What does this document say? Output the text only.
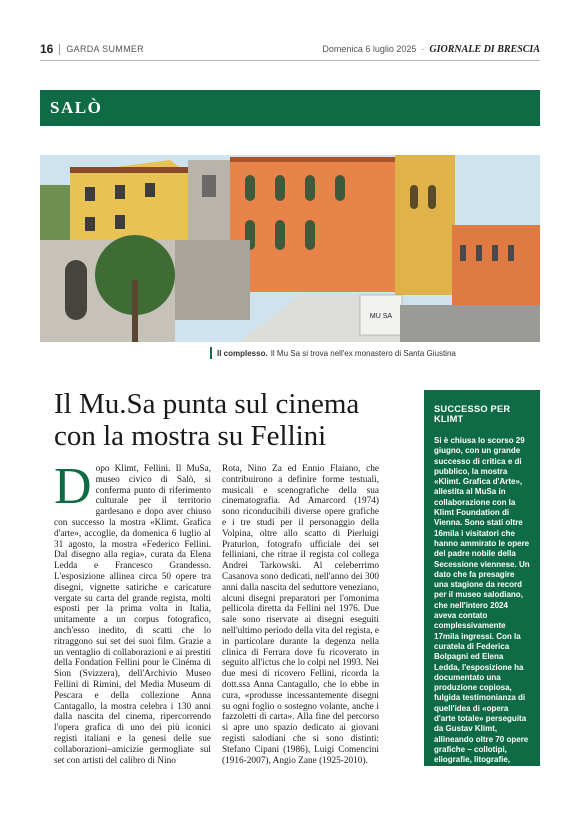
16 GARDA SUMMER	Domenica 6 luglio 2025 · GIORNALE DI BRESCIA
SALÒ
MU SA
Il complesso. Il Mu Sa si trova nell'ex monastero di Santa Giustina
Il Mu.Sa punta sul cinema
con la mostra su Fellini
Dopo Klimt, Fellini. Il MuSa, museo civico di Salò, si conferma punto di riferimento culturale per il territorio gardesano e dopo aver chiuso con successo la mostra «Klimt. Grafica d'arte», accoglie, da domenica 6 luglio al 31 agosto, la mostra «Federico Fellini. Dal disegno alla regia», curata da Elena Ledda e Francesco Grandesso. L'esposizione allinea circa 50 opere tra disegni, vignette satiriche e caricature vergate su carta del grande regista, molti esposti per la prima volta in Italia, unitamente a un corpus fotografico, anch'esso inedito, di scatti che lo ritraggono sui set dei suoi film. Grazie a un ventaglio di collaborazioni e ai prestiti della Fondation Fellini pour le Cinéma di Sion (Svizzera), dell'Archivio Museo Fellini di Rimini, del Media Museum di Pescara e della collezione Anna Cantagallo, la mostra celebra i 130 anni dalla nascita del cinema, ripercorrendo l'opera grafica di uno dei più iconici registi italiani e la genesi delle sue collaborazioni–amicizie germogliate sul set con artisti del calibro di Nino
Rota, Nino Za ed Ennio Flaiano, che contribuirono a definire forme testuali, musicali e scenografiche della sua cinematografia. Ad Amarcord (1974) sono riconducibili diverse opere grafiche e i tre studi per il personaggio della Volpina, oltre allo scatto di Pierluigi Praturlon, fotografo ufficiale dei set felliniani, che ritrae il regista col collega Andrei Tarkowski. Al celeberrimo Casanova sono dedicati, nell'anno dei 300 anni dalla nascita del seduttore veneziano, alcuni disegni preparatori per l'omonima pellicola diretta da Fellini nel 1976. Due sale sono riservate ai disegni eseguiti nell'ultimo periodo della vita del regista, e in particolare durante la degenza nella clinica di Ferrara dove fu ricoverato in seguito all'ictus che lo colpì nel 1993. Nei due mesi di ricovero Fellini, ricorda la dott.ssa Anna Cantagallo, che lo ebbe in cura, «produsse incessantemente disegni su ogni foglio o sostegno volante, anche i fazzoletti di carta». Alla fine del percorso si apre uno spazio dedicato ai giovani registi salodiani che si sono distinti: Stefano Cipani (1986), Luigi Comencini (1916-2007), Angio Zane (1925-2010).
SUCCESSO PER KLIMT
Si è chiusa lo scorso 29 giugno, con un grande successo di critica e di pubblico, la mostra «Klimt. Grafica d'Arte», allestita al MuSa in collaborazione con la Klimt Foundation di Vienna. Sono stati oltre 16mila i visitatori che hanno ammirato le opere del padre nobile della Secessione viennese. Un dato che fa presagire una stagione da record per il museo salodiano, che nell'intero 2024 aveva contato complessivamente 17mila ingressi. Con la curatela di Federica Bolpagni ed Elena Ledda, l'esposizione ha documentato una produzione copiosa, fulgida testimonianza di quell'idea di «opera d'arte totale» perseguita da Gustav Klimt, allineando oltre 70 opere grafiche – collotipi, eliografie, litografie, disegni e alcune edizioni della celeberrima rivista Ver Sacrum che ripercorrere le fasi salienti della produzione dell'artista.
